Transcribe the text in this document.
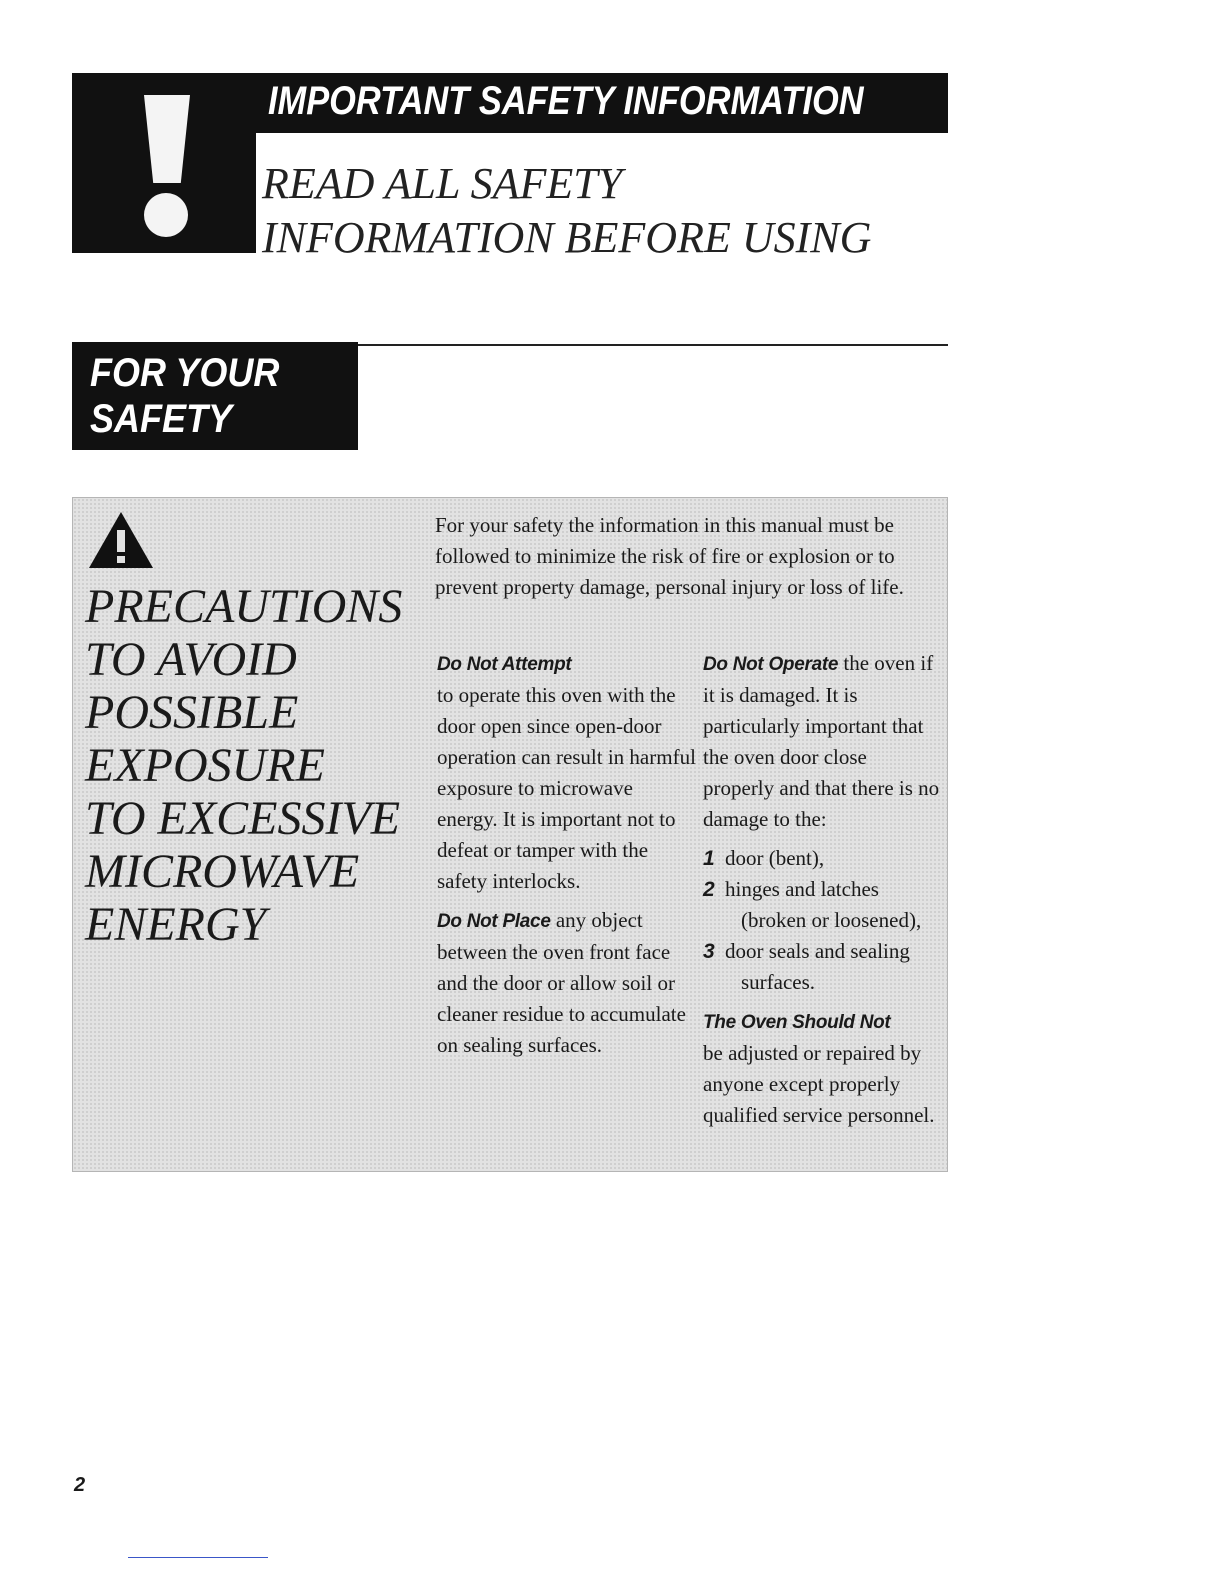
IMPORTANT SAFETY INFORMATION
READ ALL SAFETY
INFORMATION BEFORE USING

FOR YOUR
SAFETY

PRECAUTIONS
TO AVOID
POSSIBLE
EXPOSURE
TO EXCESSIVE
MICROWAVE
ENERGY

For your safety the information in this manual must be followed to minimize the risk of fire or explosion or to prevent property damage, personal injury or loss of life.

Do Not Attempt
to operate this oven with the door open since open-door operation can result in harmful exposure to microwave energy. It is important not to defeat or tamper with the safety interlocks.

Do Not Place any object between the oven front face and the door or allow soil or cleaner residue to accumulate on sealing surfaces.

Do Not Operate the oven if it is damaged. It is particularly important that the oven door close properly and that there is no damage to the:

1 door (bent),
2 hinges and latches
(broken or loosened),
3 door seals and sealing
surfaces.

The Oven Should Not
be adjusted or repaired by anyone except properly qualified service personnel.

2
